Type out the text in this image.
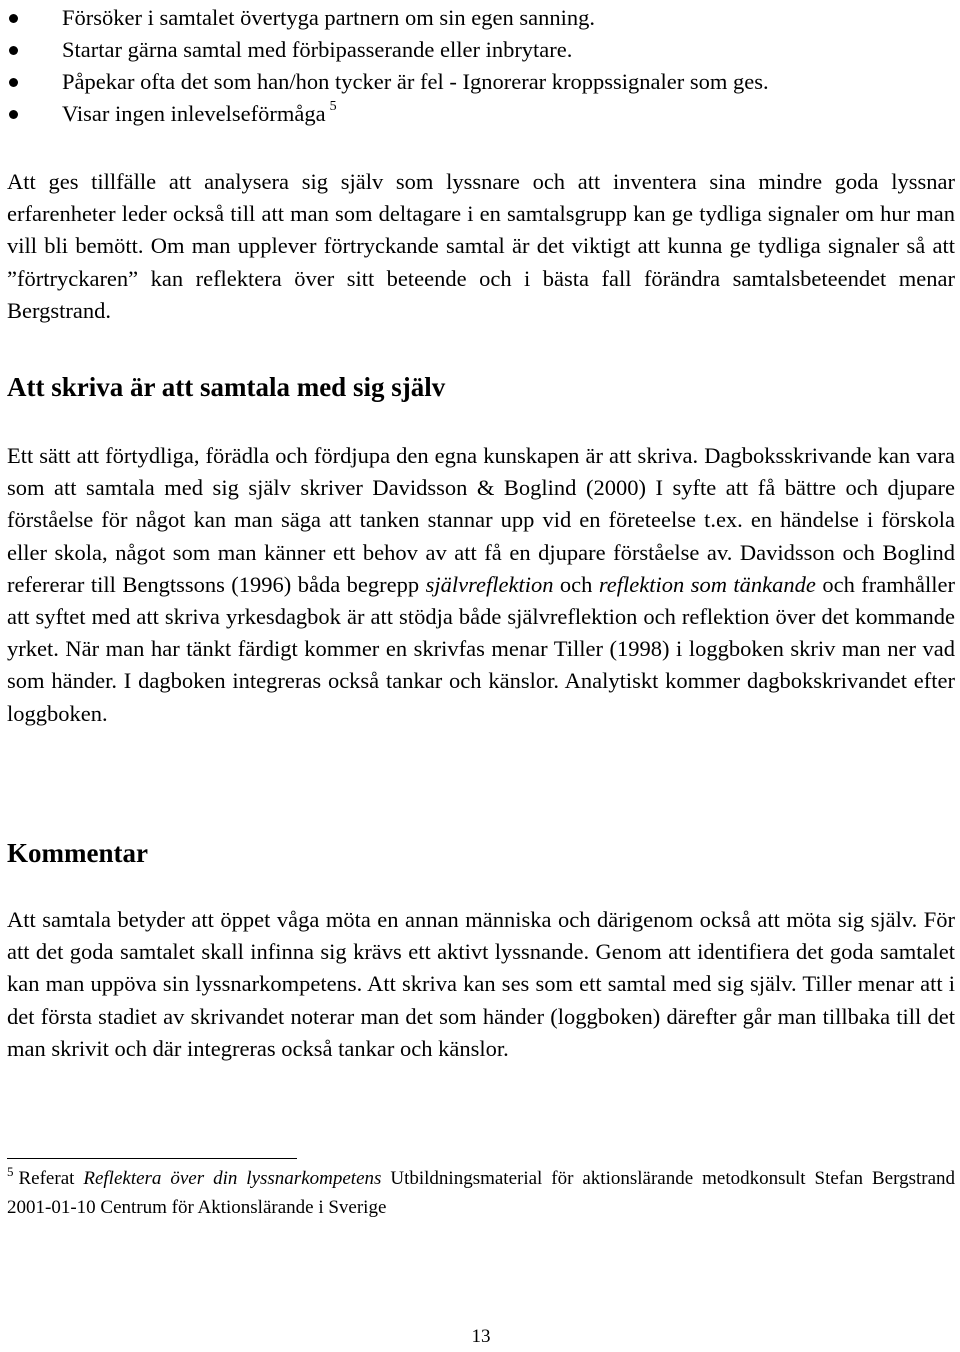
Försöker i samtalet övertyga partnern om sin egen sanning.
Startar gärna samtal med förbipasserande eller inbrytare.
Påpekar ofta det som han/hon tycker är fel - Ignorerar kroppssignaler som ges.
Visar ingen inlevelseförmåga $^5$

Att ges tillfälle att analysera sig själv som lyssnare och att inventera sina mindre goda lyssnar erfarenheter leder också till att man som deltagare i en samtalsgrupp kan ge tydliga signaler om hur man vill bli bemött. Om man upplever förtryckande samtal är det viktigt att kunna ge tydliga signaler så att ”förtryckaren” kan reflektera över sitt beteende och i bästa fall förändra samtalsbeteendet menar Bergstrand.

Att skriva är att samtala med sig själv

Ett sätt att förtydliga, förädla och fördjupa den egna kunskapen är att skriva. Dagboksskrivande kan vara som att samtala med sig själv skriver Davidsson & Boglind (2000) I syfte att få bättre och djupare förståelse för något kan man säga att tanken stannar upp vid en företeelse t.ex. en händelse i förskola eller skola, något som man känner ett behov av att få en djupare förståelse av. Davidsson och Boglind refererar till Bengtssons (1996) båda begrepp självreflektion och reflektion som tänkande och framhåller att syftet med att skriva yrkesdagbok är att stödja både självreflektion och reflektion över det kommande yrket. När man har tänkt färdigt kommer en skrivfas menar Tiller (1998) i loggboken skriv man ner vad som händer. I dagboken integreras också tankar och känslor. Analytiskt kommer dagbokskrivandet efter loggboken.

Kommentar

Att samtala betyder att öppet våga möta en annan människa och därigenom också att möta sig själv. För att det goda samtalet skall infinna sig krävs ett aktivt lyssnande. Genom att identifiera det goda samtalet kan man uppöva sin lyssnarkompetens. Att skriva kan ses som ett samtal med sig själv. Tiller menar att i det första stadiet av skrivandet noterar man det som händer (loggboken) därefter går man tillbaka till det man skrivit och där integreras också tankar och känslor.

$^5$ Referat Reflektera över din lyssnarkompetens Utbildningsmaterial för aktionslärande metodkonsult Stefan Bergstrand 2001-01-10 Centrum för Aktionslärande i Sverige
13
